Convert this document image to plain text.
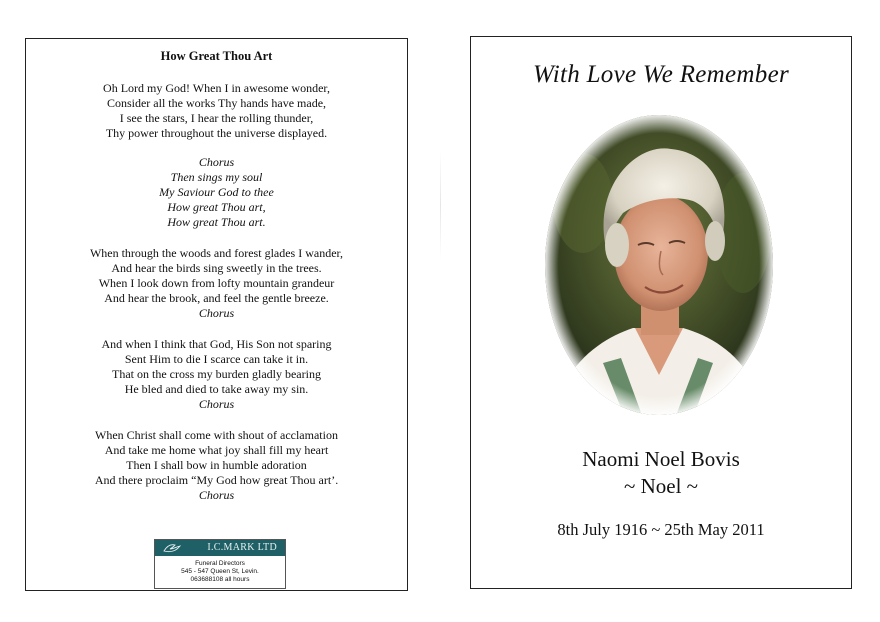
How Great Thou Art
Oh Lord my God! When I in awesome wonder,
Consider all the works Thy hands have made,
I see the stars, I hear the rolling thunder,
Thy power throughout the universe displayed.
Chorus
Then sings my soul
My Saviour God to thee
How great Thou art,
How great Thou art.
When through the woods and forest glades I wander,
And hear the birds sing sweetly in the trees.
When I look down from lofty mountain grandeur
And hear the brook, and feel the gentle breeze.
Chorus
And when I think that God, His Son not sparing
Sent Him to die I scarce can take it in.
That on the cross my burden gladly bearing
He bled and died to take away my sin.
Chorus
When Christ shall come with shout of acclamation
And take me home what joy shall fill my heart
Then I shall bow in humble adoration
And there proclaim “My God how great Thou art’.
Chorus
I.C.MARK LTD
Funeral Directors
545 - 547 Queen St, Levin.
063688108 all hours
With Love We Remember
Naomi Noel Bovis
~ Noel ~
8th July 1916 ~ 25th May 2011
